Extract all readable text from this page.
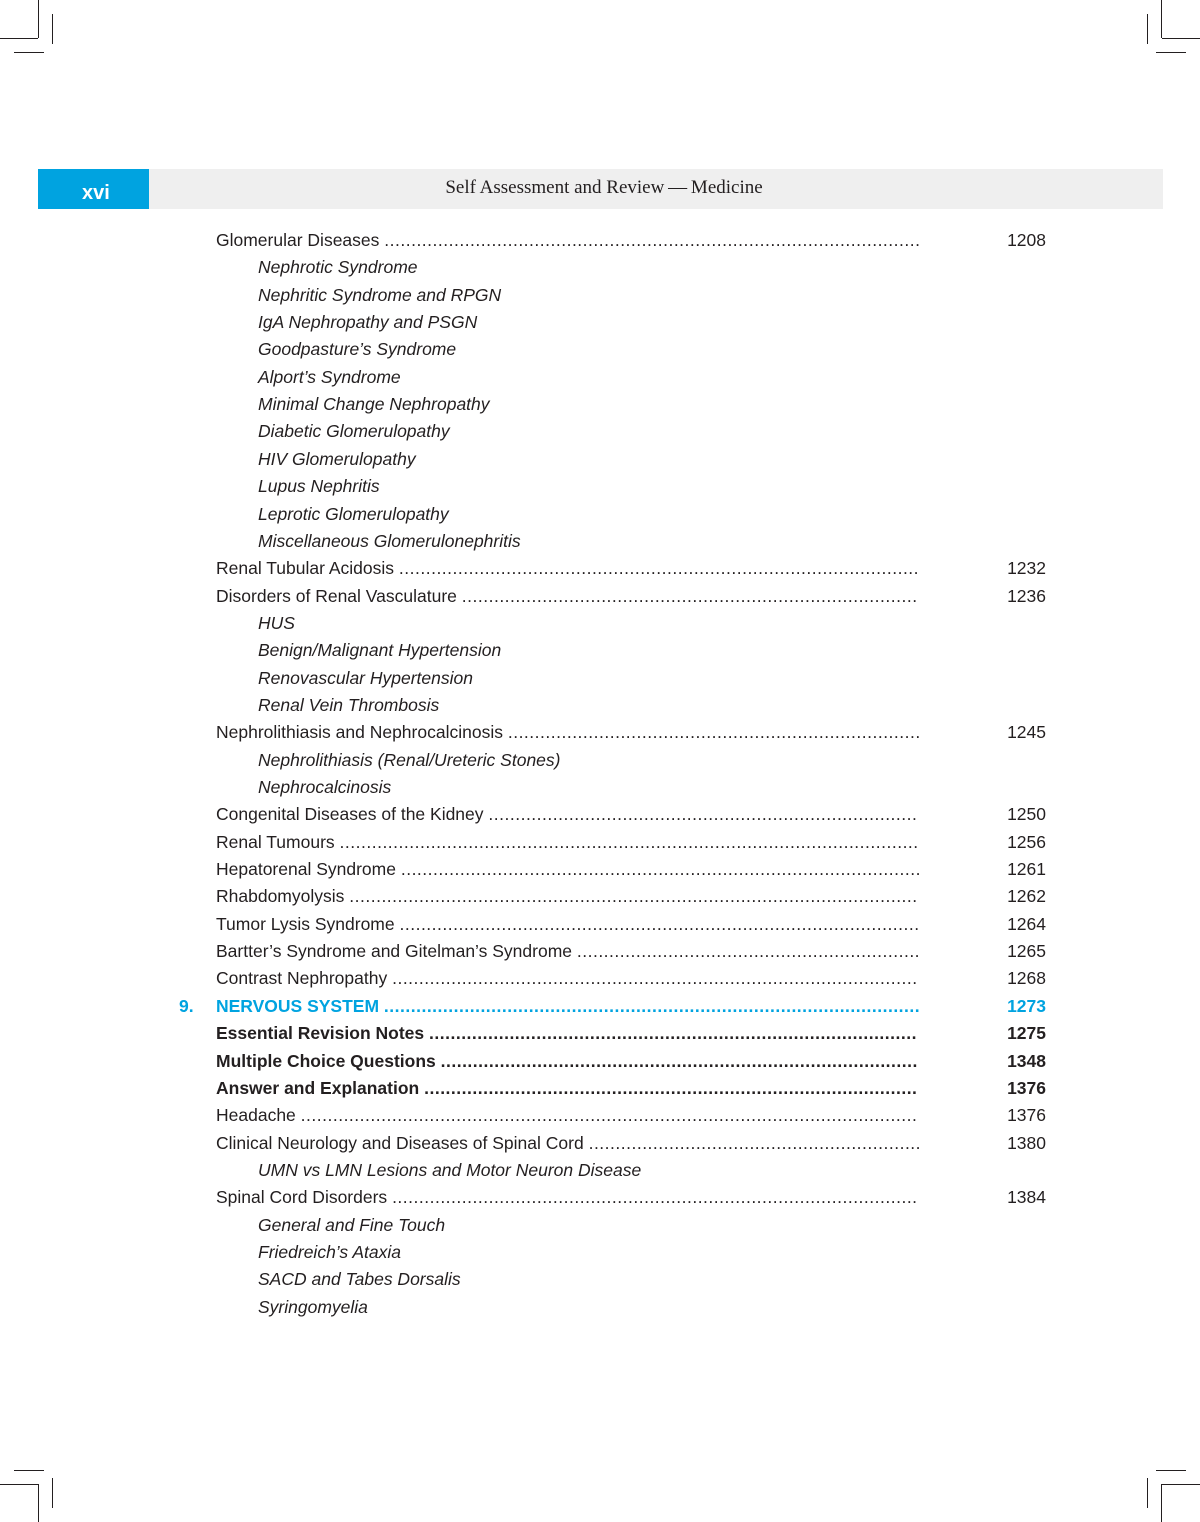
xvi	Self Assessment and Review — Medicine
Glomerular Diseases ....................................................................................................	1208
Nephrotic Syndrome
Nephritic Syndrome and RPGN
IgA Nephropathy and PSGN
Goodpasture’s Syndrome
Alport’s Syndrome
Minimal Change Nephropathy
Diabetic Glomerulopathy
HIV Glomerulopathy
Lupus Nephritis
Leprotic Glomerulopathy
Miscellaneous Glomerulonephritis
Renal Tubular Acidosis .................................................................................................	1232
Disorders of Renal Vasculature .....................................................................................	1236
HUS
Benign/Malignant Hypertension
Renovascular Hypertension
Renal Vein Thrombosis
Nephrolithiasis and Nephrocalcinosis .............................................................................	1245
Nephrolithiasis (Renal/Ureteric Stones)
Nephrocalcinosis
Congenital Diseases of the Kidney ................................................................................	1250
Renal Tumours ............................................................................................................	1256
Hepatorenal Syndrome .................................................................................................	1261
Rhabdomyolysis ..........................................................................................................	1262
Tumor Lysis Syndrome .................................................................................................	1264
Bartter’s Syndrome and Gitelman’s Syndrome ................................................................	1265
Contrast Nephropathy ..................................................................................................	1268
9. NERVOUS SYSTEM ....................................................................................................	1273
Essential Revision Notes ...........................................................................................	1275
Multiple Choice Questions .........................................................................................	1348
Answer and Explanation ............................................................................................	1376
Headache ...................................................................................................................	1376
Clinical Neurology and Diseases of Spinal Cord ..............................................................	1380
UMN vs LMN Lesions and Motor Neuron Disease
Spinal Cord Disorders ..................................................................................................	1384
General and Fine Touch
Friedreich’s Ataxia
SACD and Tabes Dorsalis
Syringomyelia
